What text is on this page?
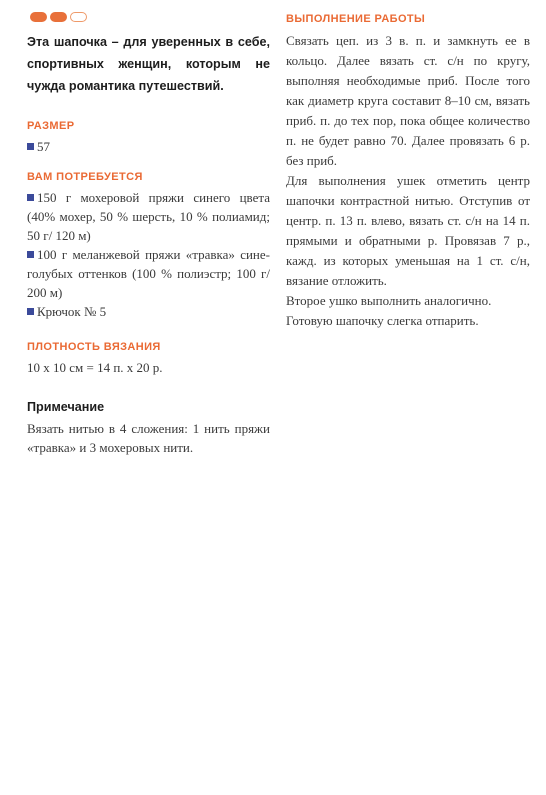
Эта шапочка – для уверенных в себе, спортивных женщин, которым не чужда романтика путешествий.

РАЗМЕР

57

ВАМ ПОТРЕБУЕТСЯ

150 г мохеровой пряжи синего цвета (40% мохер, 50 % шерсть, 10 % полиамид; 50 г/ 120 м)

100 г меланжевой пряжи «травка» сине-голубых оттенков (100 % полиэстр; 100 г/ 200 м)

Крючок № 5

ПЛОТНОСТЬ ВЯЗАНИЯ

10 х 10 см = 14 п. х 20 р.

Примечание

Вязать нитью в 4 сложения: 1 нить пряжи «травка» и 3 мохеровых нити.

ВЫПОЛНЕНИЕ РАБОТЫ

Связать цеп. из 3 в. п. и замкнуть ее в кольцо. Далее вязать ст. с/н по кругу, выполняя необходимые приб. После того как диаметр круга составит 8–10 см, вязать приб. п. до тех пор, пока общее количество п. не будет равно 70. Далее провязать 6 р. без приб.

Для выполнения ушек отметить центр шапочки контрастной нитью. Отступив от центр. п. 13 п. влево, вязать ст. с/н на 14 п. прямыми и обратными р. Провязав 7 р., кажд. из которых уменьшая на 1 ст. с/н, вязание отложить.

Второе ушко выполнить аналогично.

Готовую шапочку слегка отпарить.
